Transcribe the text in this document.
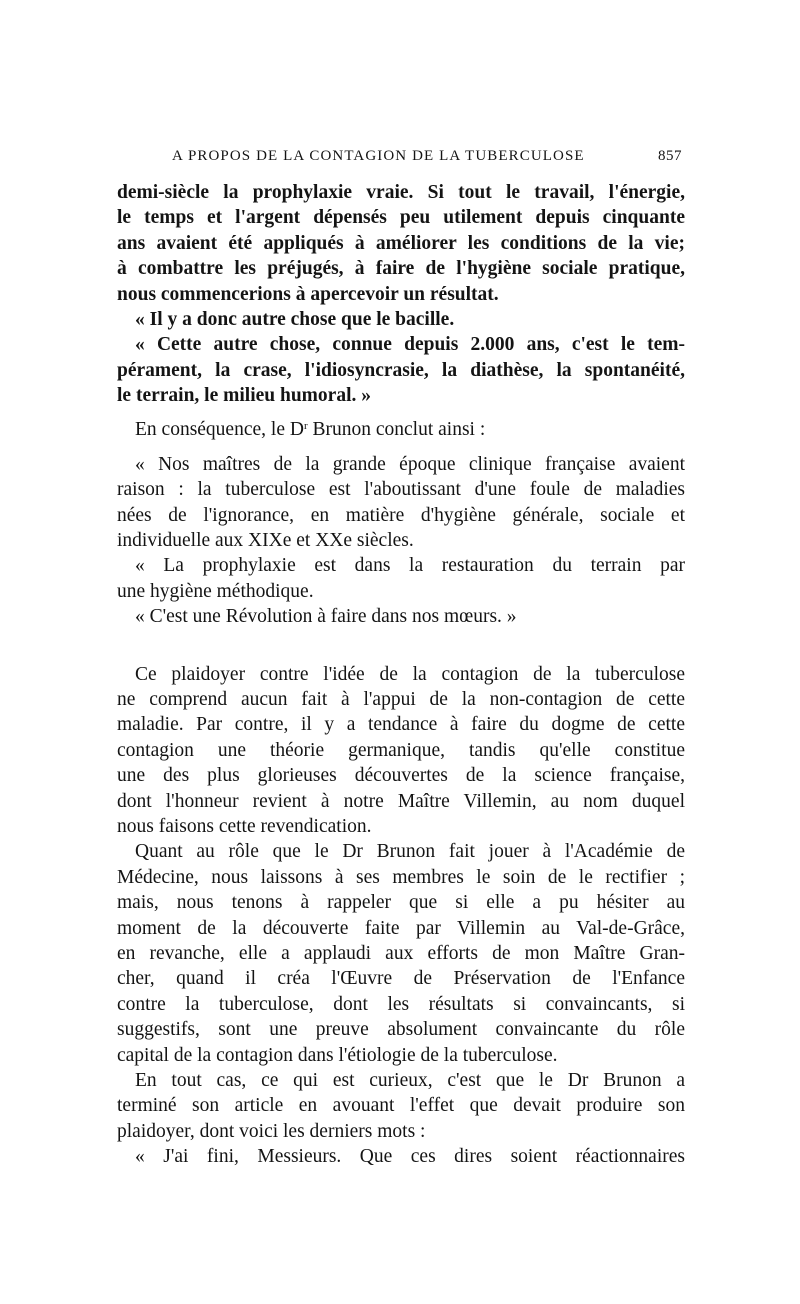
A PROPOS DE LA CONTAGION DE LA TUBERCULOSE	857
demi-siècle la prophylaxie vraie. Si tout le travail, l'énergie,
le temps et l'argent dépensés peu utilement depuis cinquante
ans avaient été appliqués à améliorer les conditions de la vie;
à combattre les préjugés, à faire de l'hygiène sociale pratique,
nous commencerions à apercevoir un résultat.
« Il y a donc autre chose que le bacille.
« Cette autre chose, connue depuis 2.000 ans, c'est le tem-
pérament, la crase, l'idiosyncrasie, la diathèse, la spontanéité,
le terrain, le milieu humoral. »
En conséquence, le $D^r$ Brunon conclut ainsi :
« Nos maîtres de la grande époque clinique française avaient
raison : la tuberculose est l'aboutissant d'une foule de maladies
nées de l'ignorance, en matière d'hygiène générale, sociale et
individuelle aux XIXe et XXe siècles.
« La prophylaxie est dans la restauration du terrain par
une hygiène méthodique.
« C'est une Révolution à faire dans nos mœurs. »
Ce plaidoyer contre l'idée de la contagion de la tuberculose
ne comprend aucun fait à l'appui de la non-contagion de cette
maladie. Par contre, il y a tendance à faire du dogme de cette
contagion une théorie germanique, tandis qu'elle constitue
une des plus glorieuses découvertes de la science française,
dont l'honneur revient à notre Maître Villemin, au nom duquel
nous faisons cette revendication.
Quant au rôle que le Dr Brunon fait jouer à l'Académie de
Médecine, nous laissons à ses membres le soin de le rectifier ;
mais, nous tenons à rappeler que si elle a pu hésiter au
moment de la découverte faite par Villemin au Val-de-Grâce,
en revanche, elle a applaudi aux efforts de mon Maître Gran-
cher, quand il créa l'Œuvre de Préservation de l'Enfance
contre la tuberculose, dont les résultats si convaincants, si
suggestifs, sont une preuve absolument convaincante du rôle
capital de la contagion dans l'étiologie de la tuberculose.
En tout cas, ce qui est curieux, c'est que le Dr Brunon a
terminé son article en avouant l'effet que devait produire son
plaidoyer, dont voici les derniers mots :
« J'ai fini, Messieurs. Que ces dires soient réactionnaires
